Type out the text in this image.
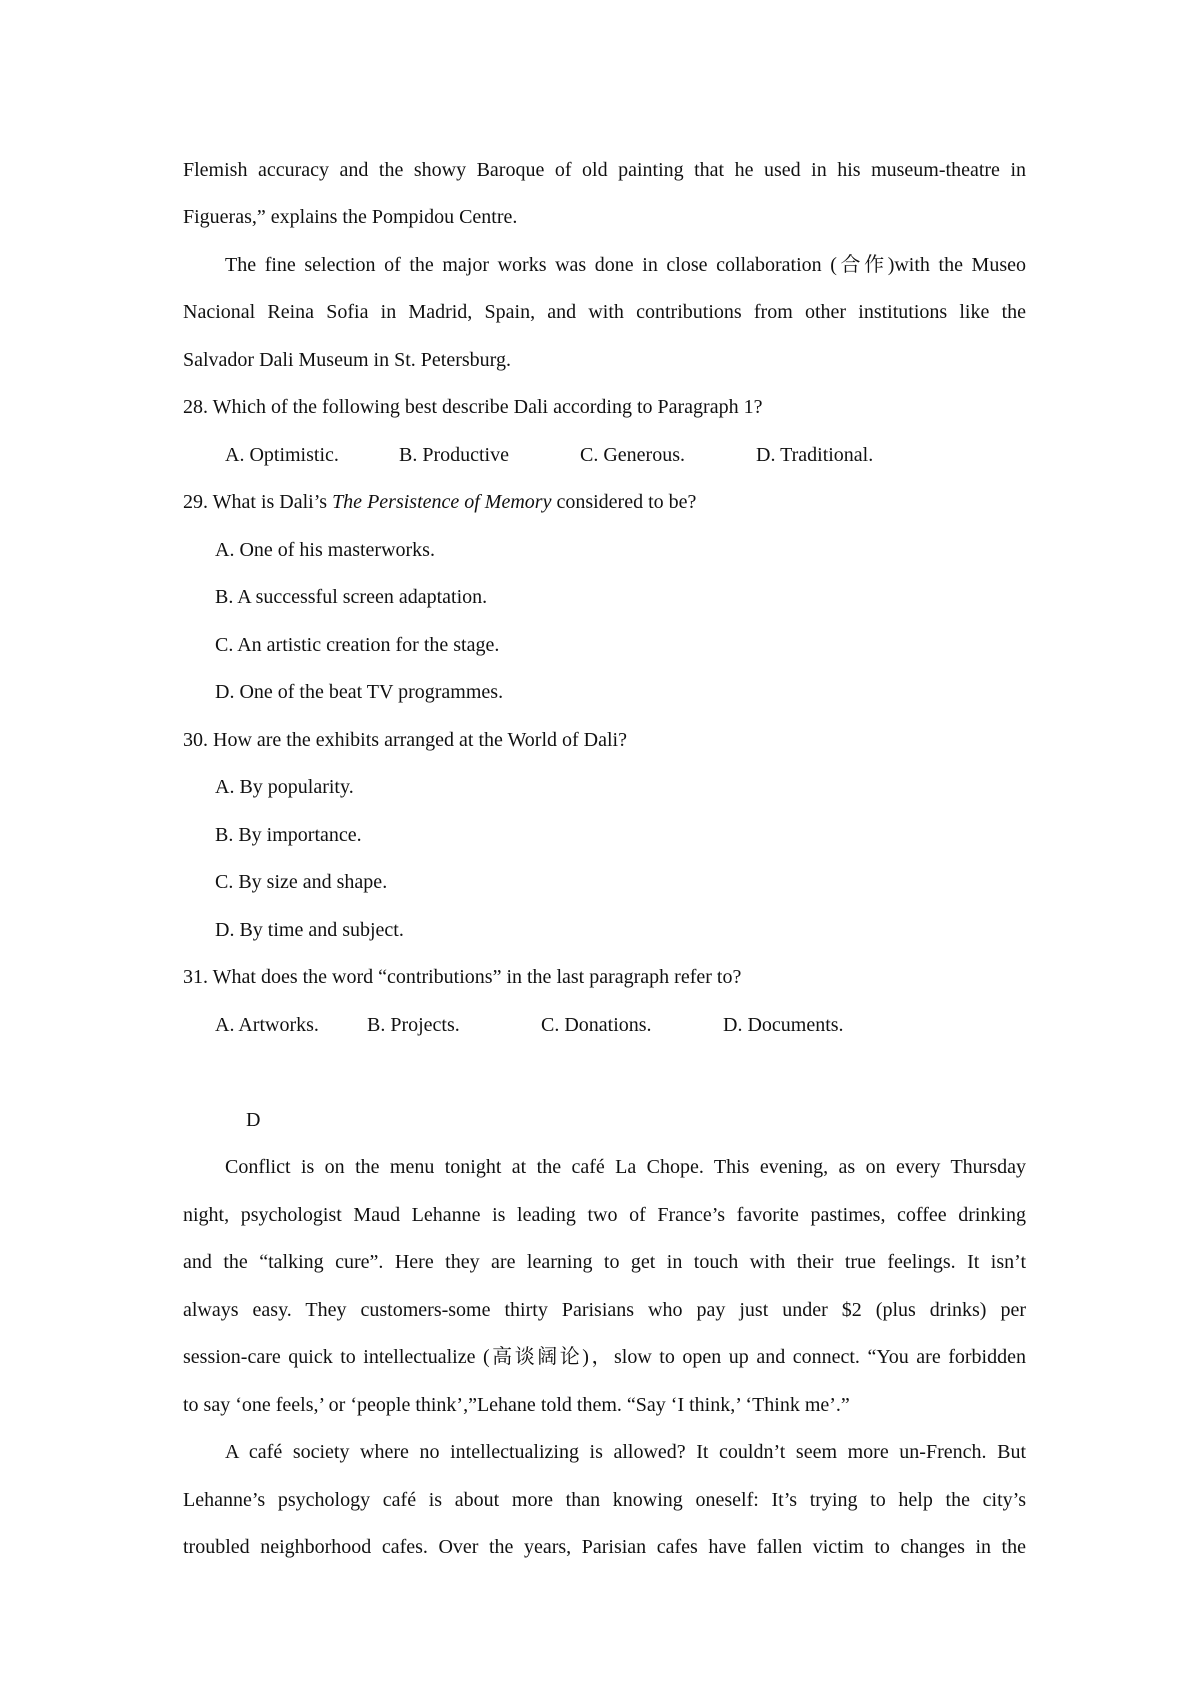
Flemish accuracy and the showy Baroque of old painting that he used in his museum-theatre in
Figueras,” explains the Pompidou Centre.
The fine selection of the major works was done in close collaboration (合作)with the Museo
Nacional Reina Sofia in Madrid, Spain, and with contributions from other institutions like the
Salvador Dali Museum in St. Petersburg.
28. Which of the following best describe Dali according to Paragraph 1?
A. Optimistic.	B. Productive	C. Generous.	D. Traditional.
29. What is Dali’s The Persistence of Memory considered to be?
A. One of his masterworks.
B. A successful screen adaptation.
C. An artistic creation for the stage.
D. One of the beat TV programmes.
30. How are the exhibits arranged at the World of Dali?
A. By popularity.
B. By importance.
C. By size and shape.
D. By time and subject.
31. What does the word “contributions” in the last paragraph refer to?
A. Artworks. B. Projects.	C. Donations.	D. Documents.
D
Conflict is on the menu tonight at the café La Chope. This evening, as on every Thursday
night, psychologist Maud Lehanne is leading two of France’s favorite pastimes, coffee drinking
and the “talking cure”. Here they are learning to get in touch with their true feelings. It isn’t
always easy. They customers-some thirty Parisians who pay just under $2 (plus drinks) per
session-care quick to intellectualize (高谈阔论)，slow to open up and connect. “You are forbidden
to say ‘one feels,’ or ‘people think’,”Lehane told them. “Say ‘I think,’ ‘Think me’.”
A café society where no intellectualizing is allowed? It couldn’t seem more un-French. But
Lehanne’s psychology café is about more than knowing oneself: It’s trying to help the city’s
troubled neighborhood cafes. Over the years, Parisian cafes have fallen victim to changes in the
